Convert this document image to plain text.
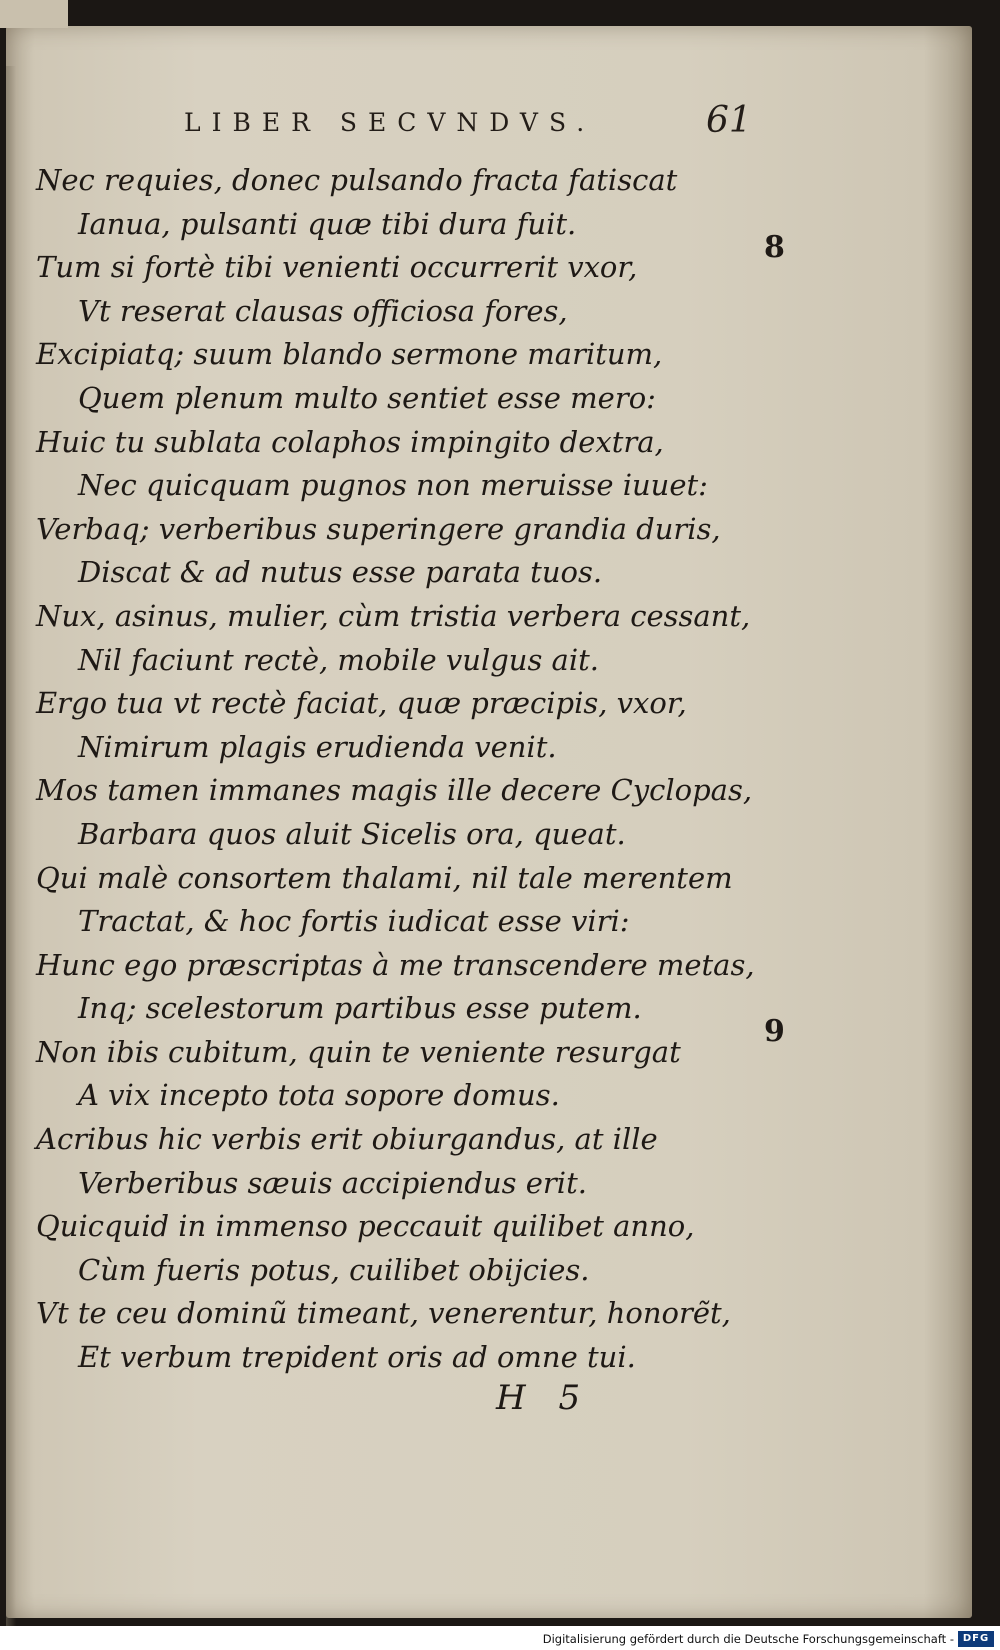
LIBER SECVNDVS.	61
Nec requies, donec pulsando fracta fatiscat
Ianua, pulsanti quæ tibi dura fuit.
Tum si fortè tibi venienti occurrerit vxor,
Vt reserat clausas officiosa fores,
Excipiatq; suum blando sermone maritum,
Quem plenum multo sentiet esse mero:
Huic tu sublata colaphos impingito dextra,
Nec quicquam pugnos non meruisse iuuet:
Verbaq; verberibus superingere grandia duris,
Discat & ad nutus esse parata tuos.
Nux, asinus, mulier, cùm tristia verbera cessant,
Nil faciunt rectè, mobile vulgus ait.
Ergo tua vt rectè faciat, quæ præcipis, vxor,
Nimirum plagis erudienda venit.
Mos tamen immanes magis ille decere Cyclopas,
Barbara quos aluit Sicelis ora, queat.
Qui malè consortem thalami, nil tale merentem
Tractat, & hoc fortis iudicat esse viri:
Hunc ego præscriptas à me transcendere metas,
Inq; scelestorum partibus esse putem.
Non ibis cubitum, quin te veniente resurgat
A vix incepto tota sopore domus.
Acribus hic verbis erit obiurgandus, at ille
Verberibus sæuis accipiendus erit.
Quicquid in immenso peccauit quilibet anno,
Cùm fueris potus, cuilibet obijcies.
Vt te ceu dominũ timeant, venerentur, honorẽt,
Et verbum trepident oris ad omne tui.
8
9
H 5
Digitalisierung gefördert durch die Deutsche Forschungsgemeinschaft - DFG
